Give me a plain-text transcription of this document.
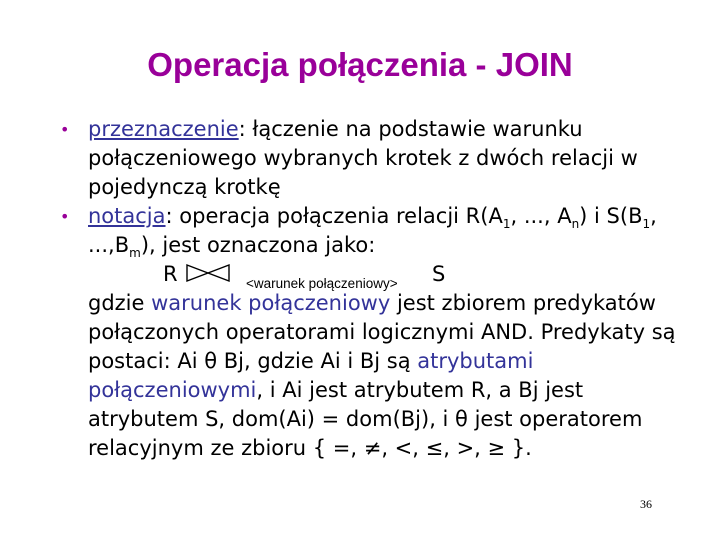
Operacja połączenia - JOIN
• przeznaczenie: łączenie na podstawie warunku połączeniowego wybranych krotek z dwóch relacji w pojedynczą krotkę
• notacja: operacja połączenia relacji $R(A_1$, ..., $A_n$) i $S(B_1$, $...,B_m$), jest oznaczona jako:
R	<warunek połączeniowy> S
gdzie warunek połączeniowy jest zbiorem predykatów połączonych operatorami logicznymi AND. Predykaty są postaci: Ai θ Bj, gdzie Ai i Bj są atrybutami połączeniowymi, i Ai jest atrybutem R, a Bj jest atrybutem S, dom(Ai) = dom(Bj), i θ jest operatorem relacyjnym ze zbioru { =, ≠, <, ≤, >, ≥ }.
36
